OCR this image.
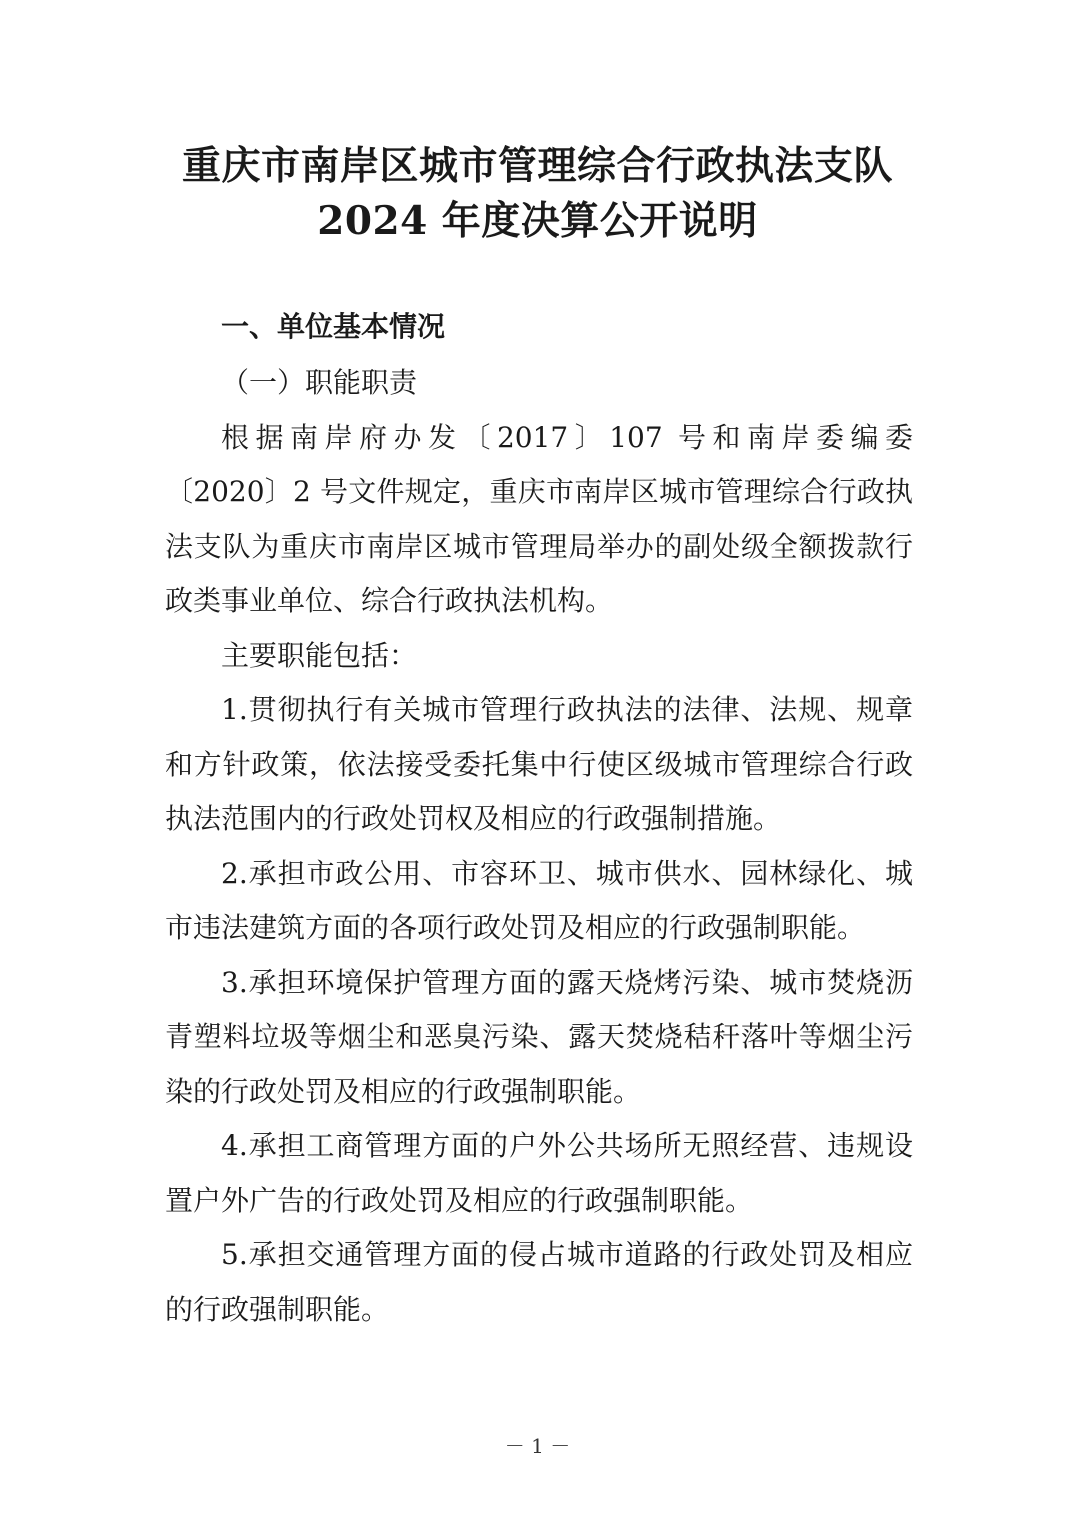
重庆市南岸区城市管理综合行政执法支队
2024 年度决算公开说明

一、单位基本情况

（一）职能职责

根据南岸府办发〔2017〕107 号和南岸委编委〔2020〕2 号文件规定，重庆市南岸区城市管理综合行政执法支队为重庆市南岸区城市管理局举办的副处级全额拨款行政类事业单位、综合行政执法机构。

主要职能包括：

1.贯彻执行有关城市管理行政执法的法律、法规、规章和方针政策，依法接受委托集中行使区级城市管理综合行政执法范围内的行政处罚权及相应的行政强制措施。

2.承担市政公用、市容环卫、城市供水、园林绿化、城市违法建筑方面的各项行政处罚及相应的行政强制职能。

3.承担环境保护管理方面的露天烧烤污染、城市焚烧沥青塑料垃圾等烟尘和恶臭污染、露天焚烧秸秆落叶等烟尘污染的行政处罚及相应的行政强制职能。

4.承担工商管理方面的户外公共场所无照经营、违规设置户外广告的行政处罚及相应的行政强制职能。

5.承担交通管理方面的侵占城市道路的行政处罚及相应的行政强制职能。

－ 1 －
